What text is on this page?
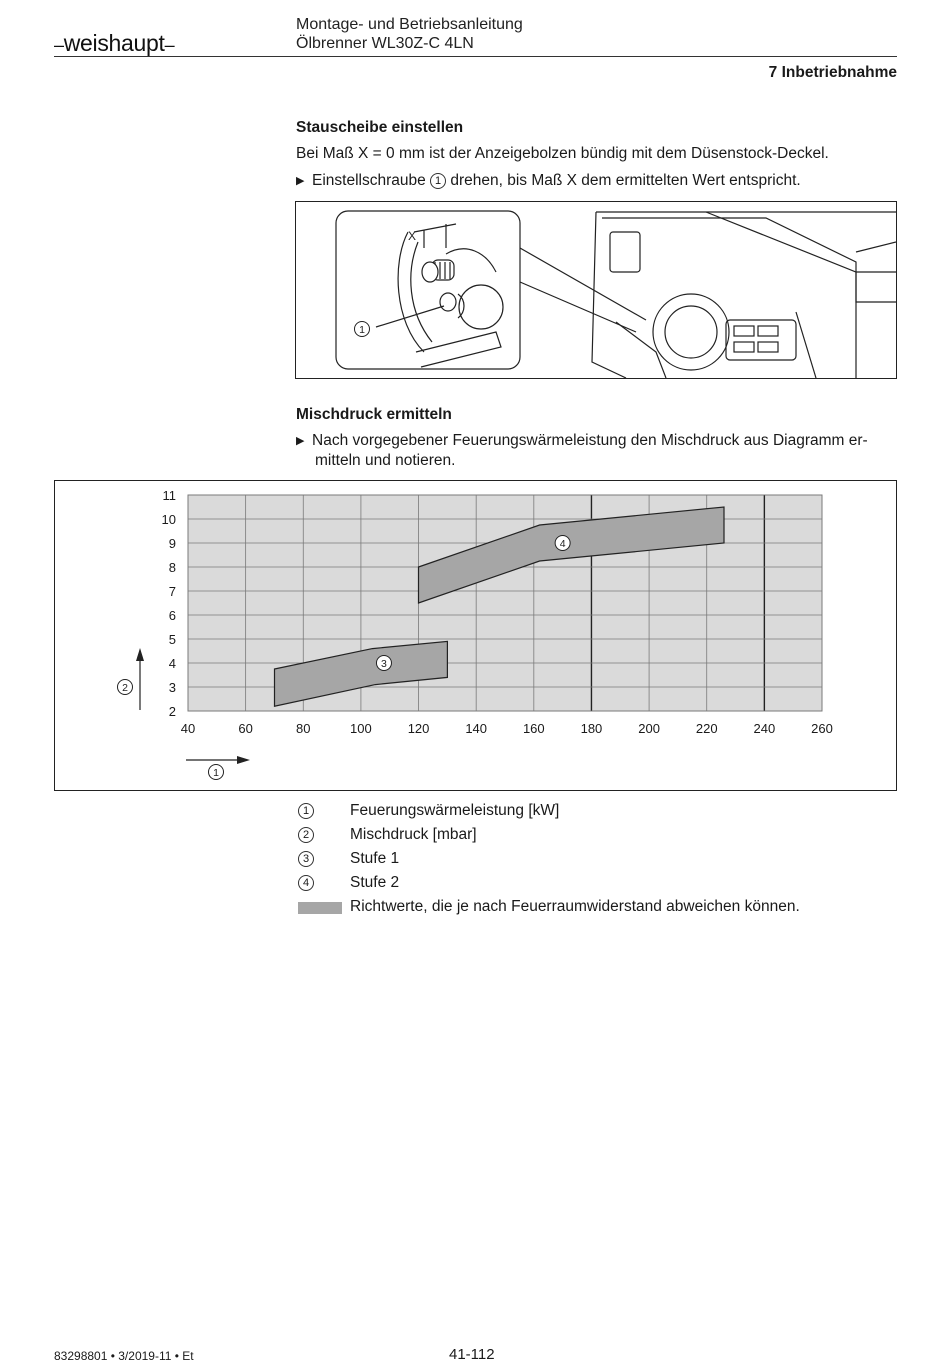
–weishaupt–
Montage- und Betriebsanleitung
Ölbrenner WL30Z-C 4LN
7 Inbetriebnahme
Stauscheibe einstellen
Bei Maß X = 0 mm ist der Anzeigebolzen bündig mit dem Düsenstock-Deckel.
▶ Einstellschraube 1 drehen, bis Maß X dem ermittelten Wert entspricht.
1
X
Mischdruck ermitteln
▶ Nach vorgegebener Feuerungswärmeleistung den Mischdruck aus Diagramm er-
mitteln und notieren.
3
4
40	60	80	100	120	140	160	180	200	220	240	260
2
3
4
5
6
7
8
9
10
11
2
1
1	Feuerungswärmeleistung [kW]
2	Mischdruck [mbar]
3	Stufe 1
4	Stufe 2
Richtwerte, die je nach Feuerraumwiderstand abweichen können.
83298801 • 3/2019-11 • Et	41-112
